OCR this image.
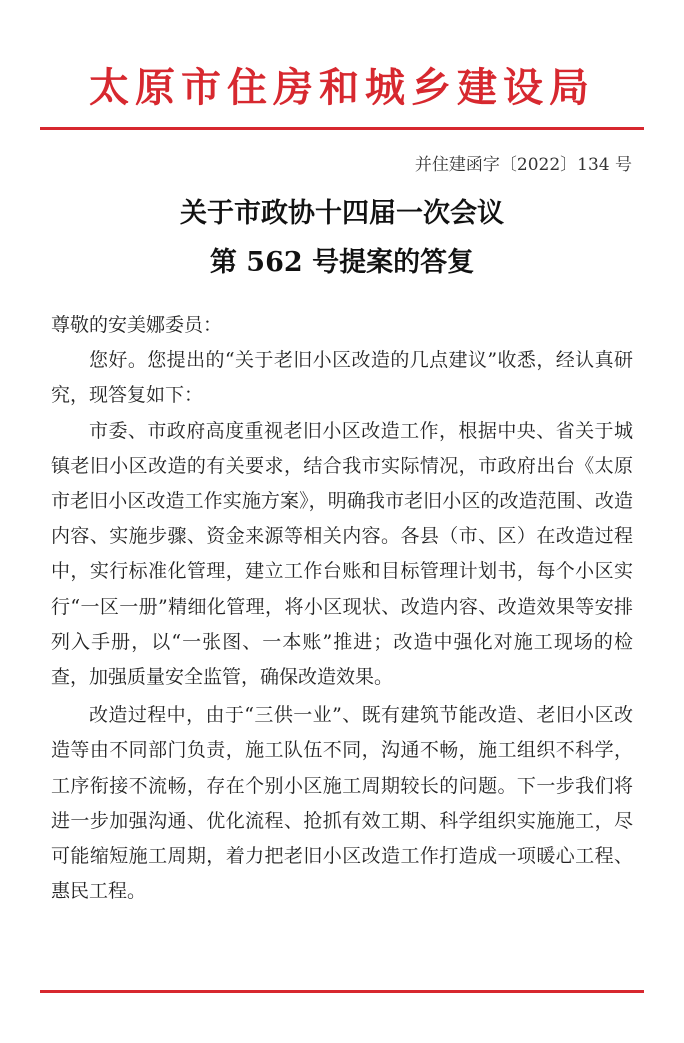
太原市住房和城乡建设局
并住建函字〔2022〕134 号
关于市政协十四届一次会议
第 562 号提案的答复

尊敬的安美娜委员：

您好。您提出的“关于老旧小区改造的几点建议”收悉，经认真研究，现答复如下：

市委、市政府高度重视老旧小区改造工作，根据中央、省关于城镇老旧小区改造的有关要求，结合我市实际情况，市政府出台《太原市老旧小区改造工作实施方案》，明确我市老旧小区的改造范围、改造内容、实施步骤、资金来源等相关内容。各县（市、区）在改造过程中，实行标准化管理，建立工作台账和目标管理计划书，每个小区实行“一区一册”精细化管理，将小区现状、改造内容、改造效果等安排列入手册，以“一张图、一本账”推进；改造中强化对施工现场的检查，加强质量安全监管，确保改造效果。

改造过程中，由于“三供一业”、既有建筑节能改造、老旧小区改造等由不同部门负责，施工队伍不同，沟通不畅，施工组织不科学，工序衔接不流畅，存在个别小区施工周期较长的问题。下一步我们将进一步加强沟通、优化流程、抢抓有效工期、科学组织实施施工，尽可能缩短施工周期，着力把老旧小区改造工作打造成一项暖心工程、惠民工程。
